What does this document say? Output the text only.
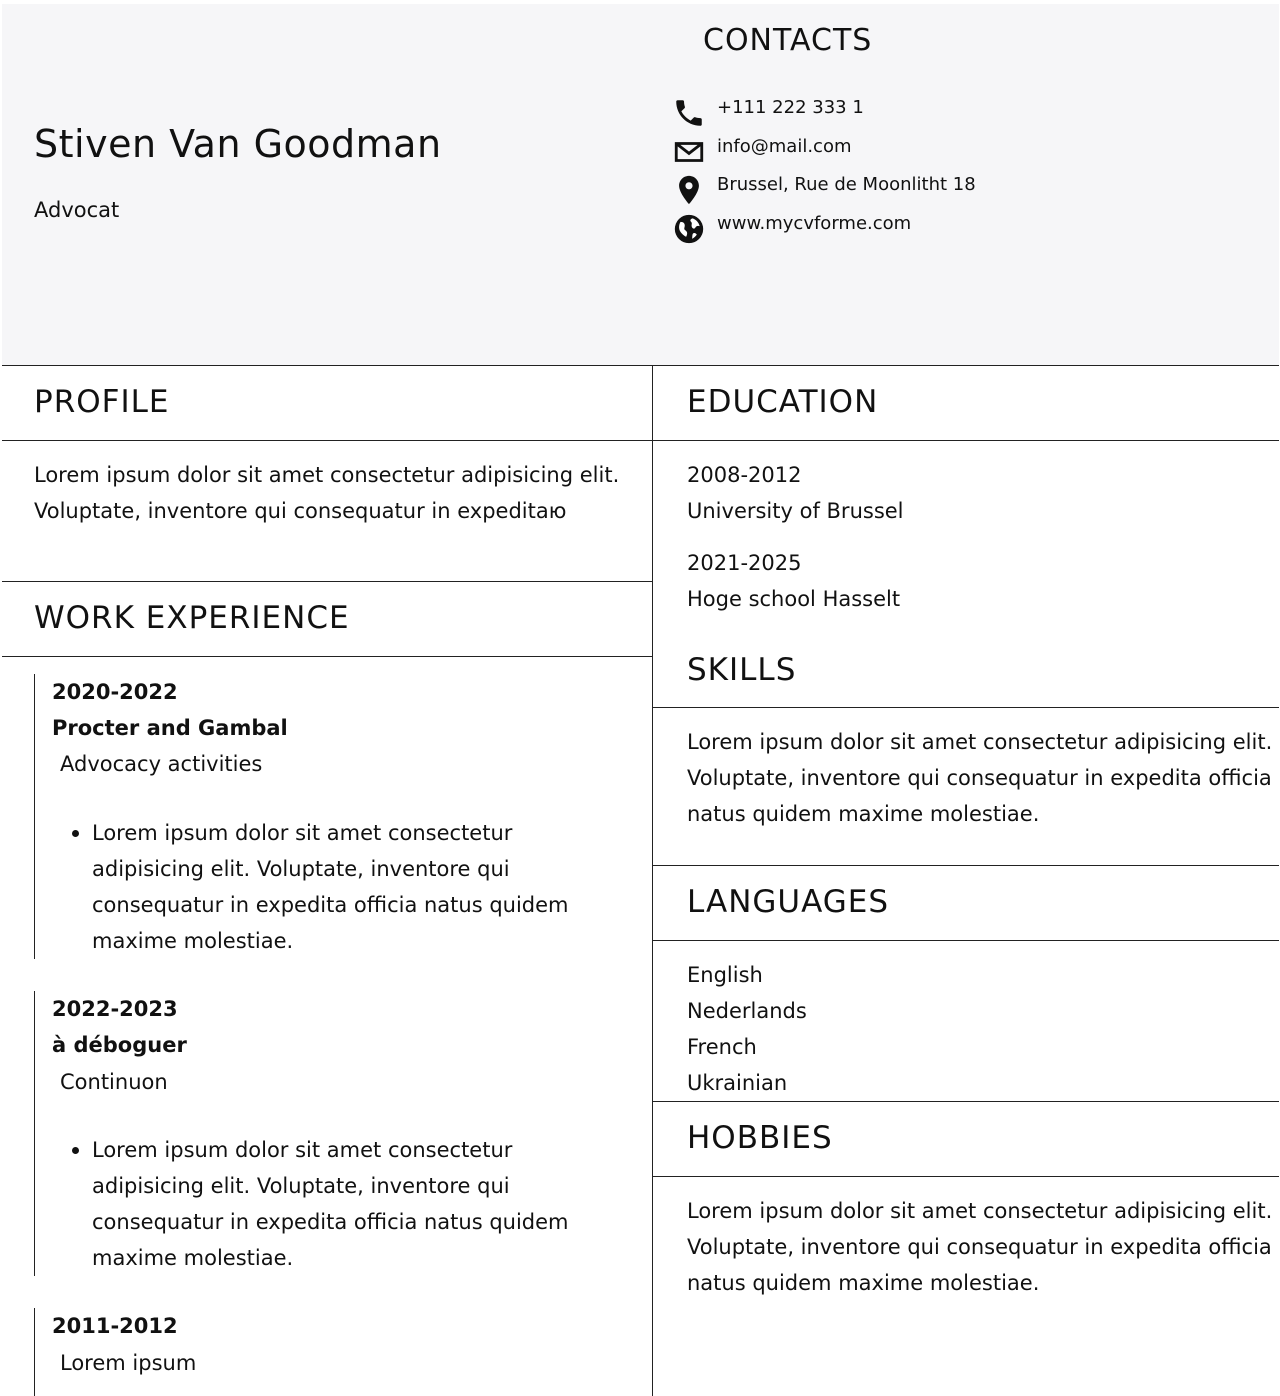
Stiven Van Goodman
Advocat
CONTACTS
+111 222 333 1
info@mail.com
Brussel, Rue de Moonlitht 18
www.mycvforme.com
PROFILE

Lorem ipsum dolor sit amet consectetur adipisicing elit. Voluptate, inventore qui consequatur in expeditaю

WORK EXPERIENCE
2020-2022
Procter and Gambal
Advocacy activities

Lorem ipsum dolor sit amet consectetur adipisicing elit. Voluptate, inventore qui consequatur in expedita officia natus quidem maxime molestiae.

2022-2023
à déboguer
Continuon

Lorem ipsum dolor sit amet consectetur adipisicing elit. Voluptate, inventore qui consequatur in expedita officia natus quidem maxime molestiae.

2011-2012
Lorem ipsum
EDUCATION
2008-2012
University of Brussel
2021-2025
Hoge school Hasselt
SKILLS

Lorem ipsum dolor sit amet consectetur adipisicing elit. Voluptate, inventore qui consequatur in expedita officia natus quidem maxime molestiae.

LANGUAGES
English
Nederlands
French
Ukrainian
HOBBIES

Lorem ipsum dolor sit amet consectetur adipisicing elit. Voluptate, inventore qui consequatur in expedita officia natus quidem maxime molestiae.
